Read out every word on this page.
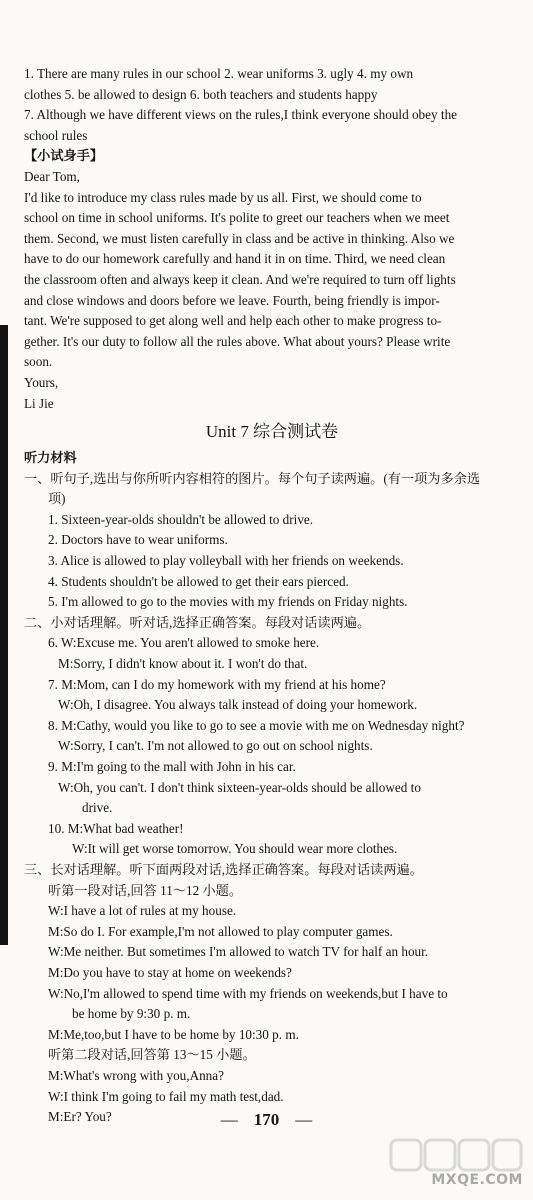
1. There are many rules in our school 2. wear uniforms 3. ugly 4. my own
clothes 5. be allowed to design 6. both teachers and students happy
7. Although we have different views on the rules,I think everyone should obey the
school rules
【小试身手】
Dear Tom,
I'd like to introduce my class rules made by us all. First, we should come to
school on time in school uniforms. It's polite to greet our teachers when we meet
them. Second, we must listen carefully in class and be active in thinking. Also we
have to do our homework carefully and hand it in on time. Third, we need clean
the classroom often and always keep it clean. And we're required to turn off lights
and close windows and doors before we leave. Fourth, being friendly is impor-
tant. We're supposed to get along well and help each other to make progress to-
gether. It's our duty to follow all the rules above. What about yours? Please write
soon.
Yours,
Li Jie
Unit 7 综合测试卷
听力材料
一、听句子,选出与你所听内容相符的图片。每个句子读两遍。(有一项为多余选
项)
1. Sixteen-year-olds shouldn't be allowed to drive.
2. Doctors have to wear uniforms.
3. Alice is allowed to play volleyball with her friends on weekends.
4. Students shouldn't be allowed to get their ears pierced.
5. I'm allowed to go to the movies with my friends on Friday nights.
二、小对话理解。听对话,选择正确答案。每段对话读两遍。
6. W:Excuse me. You aren't allowed to smoke here.
M:Sorry, I didn't know about it. I won't do that.
7. M:Mom, can I do my homework with my friend at his home?
W:Oh, I disagree. You always talk instead of doing your homework.
8. M:Cathy, would you like to go to see a movie with me on Wednesday night?
W:Sorry, I can't. I'm not allowed to go out on school nights.
9. M:I'm going to the mall with John in his car.
W:Oh, you can't. I don't think sixteen-year-olds should be allowed to
drive.
10. M:What bad weather!
W:It will get worse tomorrow. You should wear more clothes.
三、长对话理解。听下面两段对话,选择正确答案。每段对话读两遍。
听第一段对话,回答 11～12 小题。
W:I have a lot of rules at my house.
M:So do I. For example,I'm not allowed to play computer games.
W:Me neither. But sometimes I'm allowed to watch TV for half an hour.
M:Do you have to stay at home on weekends?
W:No,I'm allowed to spend time with my friends on weekends,but I have to
be home by 9:30 p. m.
M:Me,too,but I have to be home by 10:30 p. m.
听第二段对话,回答第 13～15 小题。
M:What's wrong with you,Anna?
W:I think I'm going to fail my math test,dad.
M:Er? You?	— 170 —
MXQE.COM
